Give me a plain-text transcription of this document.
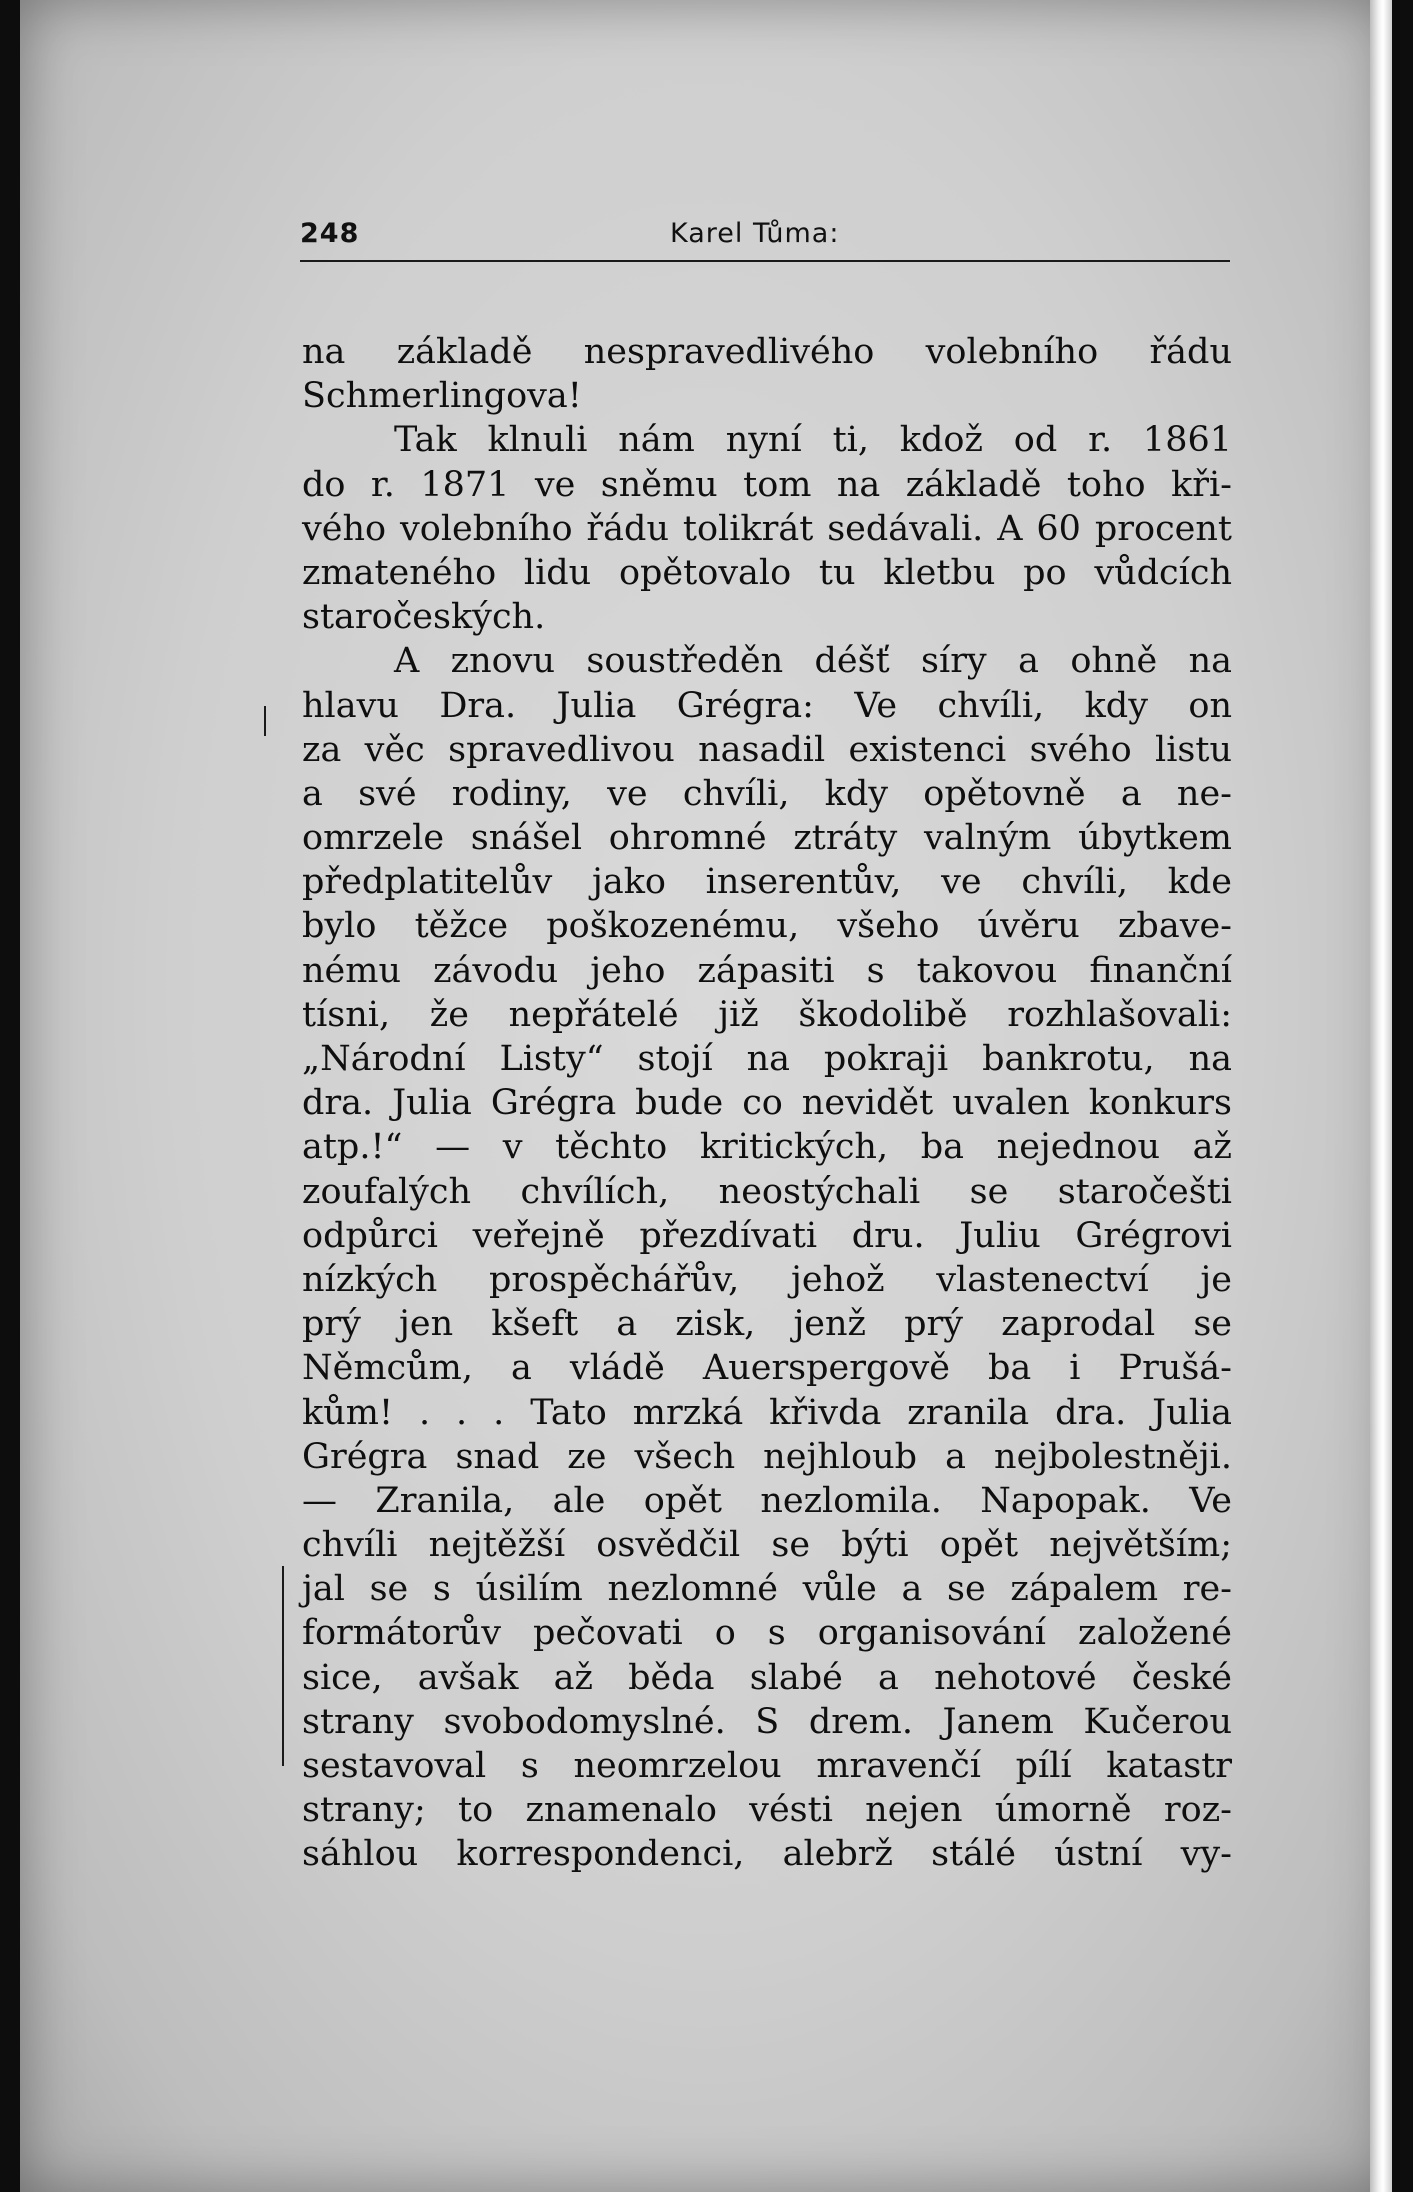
248	Karel Tůma:
na základě nespravedlivého volebního řádu
Schmerlingova!
Tak klnuli nám nyní ti, kdož od r. 1861
do r. 1871 ve sněmu tom na základě toho kři-
vého volebního řádu tolikrát sedávali. A 60 procent
zmateného lidu opětovalo tu kletbu po vůdcích
staročeských.
A znovu soustředěn déšť síry a ohně na
hlavu Dra. Julia Grégra: Ve chvíli, kdy on
za věc spravedlivou nasadil existenci svého listu
a své rodiny, ve chvíli, kdy opětovně a ne-
omrzele snášel ohromné ztráty valným úbytkem
předplatitelův jako inserentův, ve chvíli, kde
bylo těžce poškozenému, všeho úvěru zbave-
nému závodu jeho zápasiti s takovou finanční
tísni, že nepřátelé již škodolibě rozhlašovali:
„Národní Listy“ stojí na pokraji bankrotu, na
dra. Julia Grégra bude co nevidět uvalen konkurs
atp.!“ — v těchto kritických, ba nejednou až
zoufalých chvílích, neostýchali se staročešti
odpůrci veřejně přezdívati dru. Juliu Grégrovi
nízkých prospěchářův, jehož vlastenectví je
prý jen kšeft a zisk, jenž prý zaprodal se
Němcům, a vládě Auerspergově ba i Prušá-
kům! . . . Tato mrzká křivda zranila dra. Julia
Grégra snad ze všech nejhloub a nejbolestněji.
— Zranila, ale opět nezlomila. Napopak. Ve
chvíli nejtěžší osvědčil se býti opět největším;
jal se s úsilím nezlomné vůle a se zápalem re-
formátorův pečovati o s organisování založené
sice, avšak až běda slabé a nehotové české
strany svobodomyslné. S drem. Janem Kučerou
sestavoval s neomrzelou mravenčí pílí katastr
strany; to znamenalo vésti nejen úmorně roz-
sáhlou korrespondenci, alebrž stálé ústní vy-
